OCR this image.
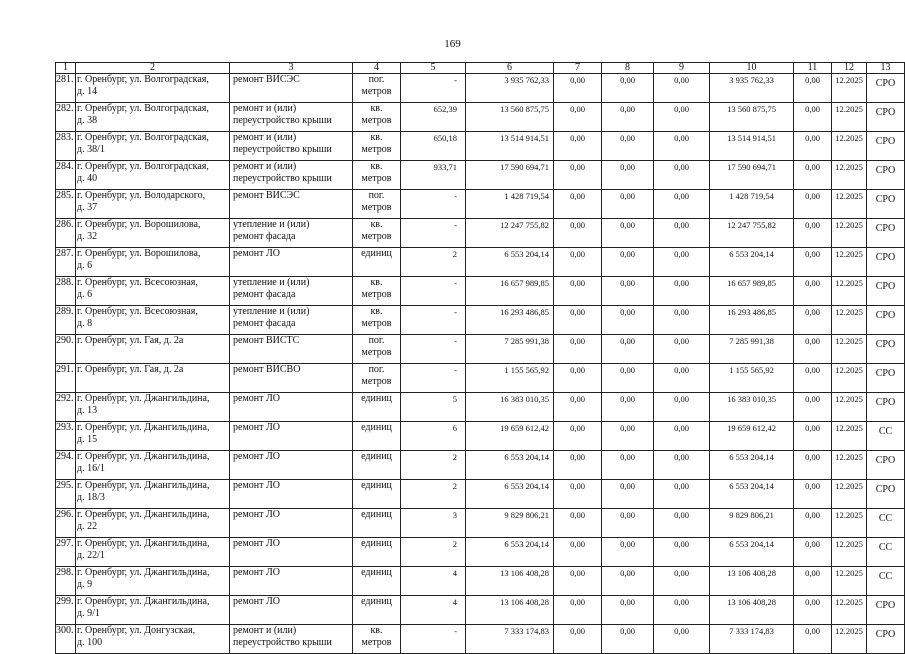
169
1	2	3	4	5	6	7	8	9	10	11	12	13
281.	г. Оренбург, ул. Волгоградская,
д. 14	ремонт ВИСЭС	пог.
метров	-	3 935 762,33	0,00	0,00	0,00	3 935 762,33	0,00	12.2025	СРО
282.	г. Оренбург, ул. Волгоградская,
д. 38	ремонт и (или)
переустройство крыши	кв.
метров	652,39	13 560 875,75	0,00	0,00	0,00	13 560 875,75	0,00	12.2025	СРО
283.	г. Оренбург, ул. Волгоградская,
д. 38/1	ремонт и (или)
переустройство крыши	кв.
метров	650,18	13 514 914,51	0,00	0,00	0,00	13 514 914,51	0,00	12.2025	СРО
284.	г. Оренбург, ул. Волгоградская,
д. 40	ремонт и (или)
переустройство крыши	кв.
метров	933,71	17 590 694,71	0,00	0,00	0,00	17 590 694,71	0,00	12.2025	СРО
285.	г. Оренбург, ул. Володарского,
д. 37	ремонт ВИСЭС	пог.
метров	-	1 428 719,54	0,00	0,00	0,00	1 428 719,54	0,00	12.2025	СРО
286.	г. Оренбург, ул. Ворошилова,
д. 32	утепление и (или)
ремонт фасада	кв.
метров	-	12 247 755,82	0,00	0,00	0,00	12 247 755,82	0,00	12.2025	СРО
287.	г. Оренбург, ул. Ворошилова,
д. 6	ремонт ЛО	единиц	2	6 553 204,14	0,00	0,00	0,00	6 553 204,14	0,00	12.2025	СРО
288.	г. Оренбург, ул. Всесоюзная,
д. 6	утепление и (или)
ремонт фасада	кв.
метров	-	16 657 989,85	0,00	0,00	0,00	16 657 989,85	0,00	12.2025	СРО
289.	г. Оренбург, ул. Всесоюзная,
д. 8	утепление и (или)
ремонт фасада	кв.
метров	-	16 293 486,85	0,00	0,00	0,00	16 293 486,85	0,00	12.2025	СРО
290.	г. Оренбург, ул. Гая, д. 2а	ремонт ВИСТС	пог.
метров	-	7 285 991,38	0,00	0,00	0,00	7 285 991,38	0,00	12.2025	СРО
291.	г. Оренбург, ул. Гая, д. 2а	ремонт ВИСВО	пог.
метров	-	1 155 565,92	0,00	0,00	0,00	1 155 565,92	0,00	12.2025	СРО
292.	г. Оренбург, ул. Джангильдина,
д. 13	ремонт ЛО	единиц	5	16 383 010,35	0,00	0,00	0,00	16 383 010,35	0,00	12.2025	СРО
293.	г. Оренбург, ул. Джангильдина,
д. 15	ремонт ЛО	единиц	6	19 659 612,42	0,00	0,00	0,00	19 659 612,42	0,00	12.2025	СС
294.	г. Оренбург, ул. Джангильдина,
д. 16/1	ремонт ЛО	единиц	2	6 553 204,14	0,00	0,00	0,00	6 553 204,14	0,00	12.2025	СРО
295.	г. Оренбург, ул. Джангильдина,
д. 18/3	ремонт ЛО	единиц	2	6 553 204,14	0,00	0,00	0,00	6 553 204,14	0,00	12.2025	СРО
296.	г. Оренбург, ул. Джангильдина,
д. 22	ремонт ЛО	единиц	3	9 829 806,21	0,00	0,00	0,00	9 829 806,21	0,00	12.2025	СС
297.	г. Оренбург, ул. Джангильдина,
д. 22/1	ремонт ЛО	единиц	2	6 553 204,14	0,00	0,00	0,00	6 553 204,14	0,00	12.2025	СС
298.	г. Оренбург, ул. Джангильдина,
д. 9	ремонт ЛО	единиц	4	13 106 408,28	0,00	0,00	0,00	13 106 408,28	0,00	12.2025	СС
299.	г. Оренбург, ул. Джангильдина,
д. 9/1	ремонт ЛО	единиц	4	13 106 408,28	0,00	0,00	0,00	13 106 408,28	0,00	12.2025	СРО
300.	г. Оренбург, ул. Донгузская,
д. 100	ремонт и (или)
переустройство крыши	кв.
метров	-	7 333 174,83	0,00	0,00	0,00	7 333 174,83	0,00	12.2025	СРО
